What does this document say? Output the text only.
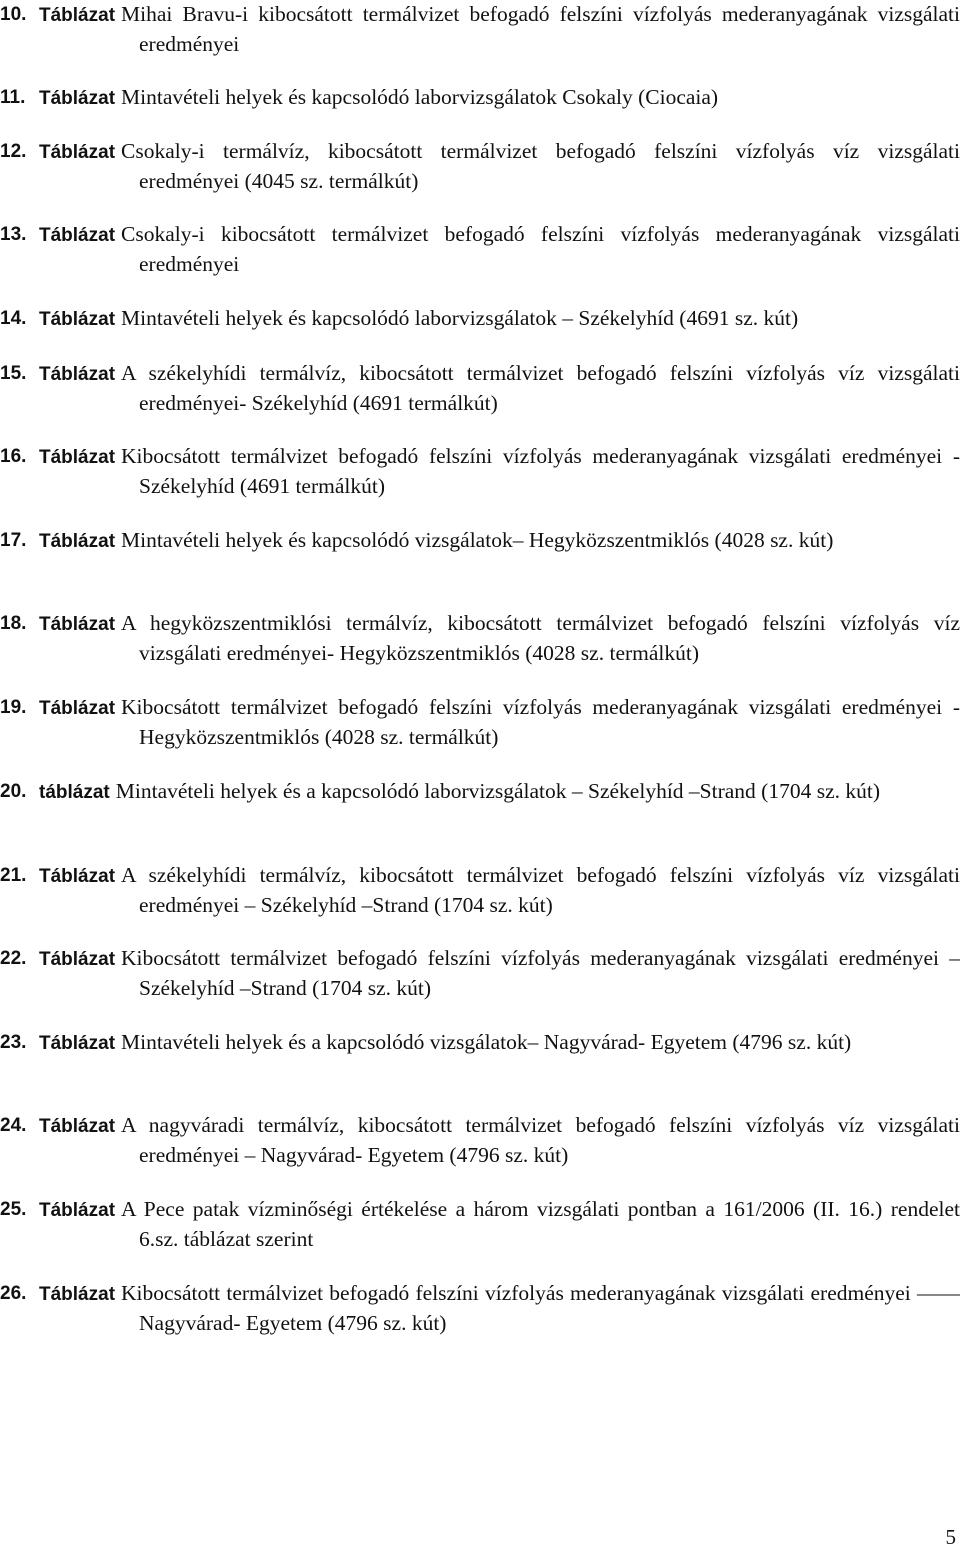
10. Táblázat Mihai Bravu-i kibocsátott termálvizet befogadó felszíni vízfolyás mederanyagának vizsgálati eredményei
11. Táblázat Mintavételi helyek és kapcsolódó laborvizsgálatok Csokaly (Ciocaia)
12. Táblázat Csokaly-i termálvíz, kibocsátott termálvizet befogadó felszíni vízfolyás víz vizsgálati eredményei (4045 sz. termálkút)
13. Táblázat Csokaly-i kibocsátott termálvizet befogadó felszíni vízfolyás mederanyagának vizsgálati eredményei
14. Táblázat Mintavételi helyek és kapcsolódó laborvizsgálatok – Székelyhíd (4691 sz. kút)
15. Táblázat A székelyhídi termálvíz, kibocsátott termálvizet befogadó felszíni vízfolyás víz vizsgálati eredményei- Székelyhíd (4691 termálkút)
16. Táblázat Kibocsátott termálvizet befogadó felszíni vízfolyás mederanyagának vizsgálati eredményei - Székelyhíd (4691 termálkút)
17. Táblázat Mintavételi helyek és kapcsolódó vizsgálatok– Hegyközszentmiklós (4028 sz. kút)
18. Táblázat A hegyközszentmiklósi termálvíz, kibocsátott termálvizet befogadó felszíni vízfolyás víz vizsgálati eredményei- Hegyközszentmiklós (4028 sz. termálkút)
19. Táblázat Kibocsátott termálvizet befogadó felszíni vízfolyás mederanyagának vizsgálati eredményei - Hegyközszentmiklós (4028 sz. termálkút)
20. táblázat Mintavételi helyek és a kapcsolódó laborvizsgálatok – Székelyhíd –Strand (1704 sz. kút)
21. Táblázat A székelyhídi termálvíz, kibocsátott termálvizet befogadó felszíni vízfolyás víz vizsgálati eredményei – Székelyhíd –Strand (1704 sz. kút)
22. Táblázat Kibocsátott termálvizet befogadó felszíni vízfolyás mederanyagának vizsgálati eredményei – Székelyhíd –Strand (1704 sz. kút)
23. Táblázat Mintavételi helyek és a kapcsolódó vizsgálatok– Nagyvárad- Egyetem (4796 sz. kút)
24. Táblázat A nagyváradi termálvíz, kibocsátott termálvizet befogadó felszíni vízfolyás víz vizsgálati eredményei – Nagyvárad- Egyetem (4796 sz. kút)
25. Táblázat A Pece patak vízminőségi értékelése a három vizsgálati pontban a 161/2006 (II. 16.) rendelet 6.sz. táblázat szerint
26. Táblázat Kibocsátott termálvizet befogadó felszíni vízfolyás mederanyagának vizsgálati eredményei —— Nagyvárad- Egyetem (4796 sz. kút)
5
